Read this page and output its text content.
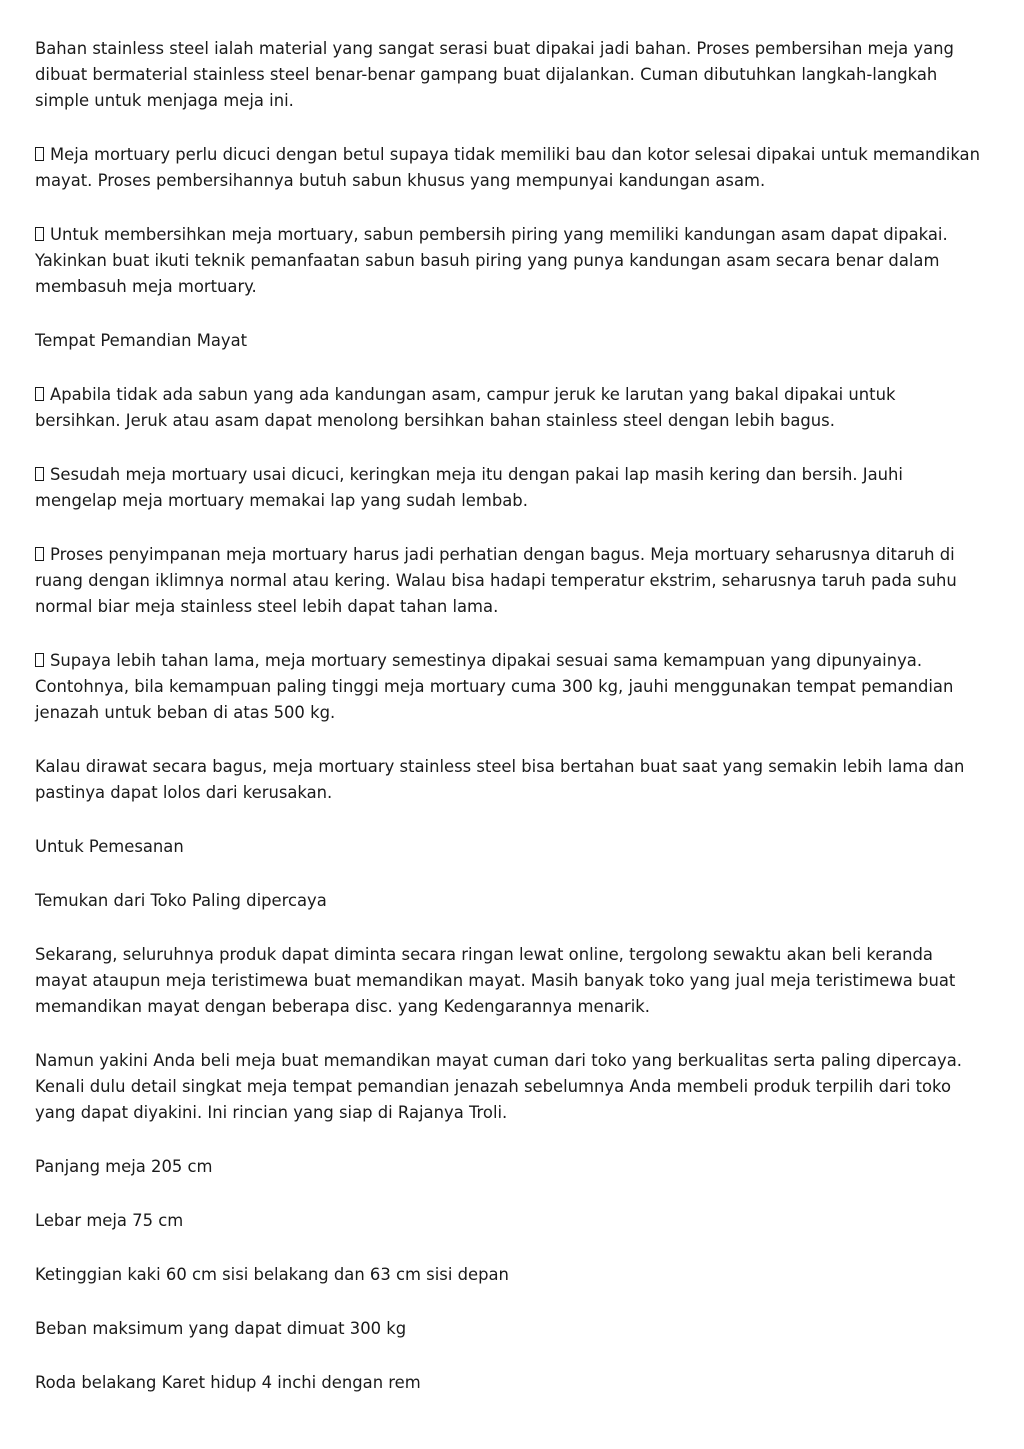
Bahan stainless steel ialah material yang sangat serasi buat dipakai jadi bahan. Proses pembersihan meja yang dibuat bermaterial stainless steel benar-benar gampang buat dijalankan. Cuman dibutuhkan langkah-langkah simple untuk menjaga meja ini.

Meja mortuary perlu dicuci dengan betul supaya tidak memiliki bau dan kotor selesai dipakai untuk memandikan mayat. Proses pembersihannya butuh sabun khusus yang mempunyai kandungan asam.

Untuk membersihkan meja mortuary, sabun pembersih piring yang memiliki kandungan asam dapat dipakai. Yakinkan buat ikuti teknik pemanfaatan sabun basuh piring yang punya kandungan asam secara benar dalam membasuh meja mortuary.

Tempat Pemandian Mayat

Apabila tidak ada sabun yang ada kandungan asam, campur jeruk ke larutan yang bakal dipakai untuk bersihkan. Jeruk atau asam dapat menolong bersihkan bahan stainless steel dengan lebih bagus.

Sesudah meja mortuary usai dicuci, keringkan meja itu dengan pakai lap masih kering dan bersih. Jauhi mengelap meja mortuary memakai lap yang sudah lembab.

Proses penyimpanan meja mortuary harus jadi perhatian dengan bagus. Meja mortuary seharusnya ditaruh di ruang dengan iklimnya normal atau kering. Walau bisa hadapi temperatur ekstrim, seharusnya taruh pada suhu normal biar meja stainless steel lebih dapat tahan lama.

Supaya lebih tahan lama, meja mortuary semestinya dipakai sesuai sama kemampuan yang dipunyainya. Contohnya, bila kemampuan paling tinggi meja mortuary cuma 300 kg, jauhi menggunakan tempat pemandian jenazah untuk beban di atas 500 kg.

Kalau dirawat secara bagus, meja mortuary stainless steel bisa bertahan buat saat yang semakin lebih lama dan pastinya dapat lolos dari kerusakan.

Untuk Pemesanan

Temukan dari Toko Paling dipercaya

Sekarang, seluruhnya produk dapat diminta secara ringan lewat online, tergolong sewaktu akan beli keranda mayat ataupun meja teristimewa buat memandikan mayat. Masih banyak toko yang jual meja teristimewa buat memandikan mayat dengan beberapa disc. yang Kedengarannya menarik.

Namun yakini Anda beli meja buat memandikan mayat cuman dari toko yang berkualitas serta paling dipercaya. Kenali dulu detail singkat meja tempat pemandian jenazah sebelumnya Anda membeli produk terpilih dari toko yang dapat diyakini. Ini rincian yang siap di Rajanya Troli.

Panjang meja 205 cm

Lebar meja 75 cm

Ketinggian kaki 60 cm sisi belakang dan 63 cm sisi depan

Beban maksimum yang dapat dimuat 300 kg

Roda belakang Karet hidup 4 inchi dengan rem
